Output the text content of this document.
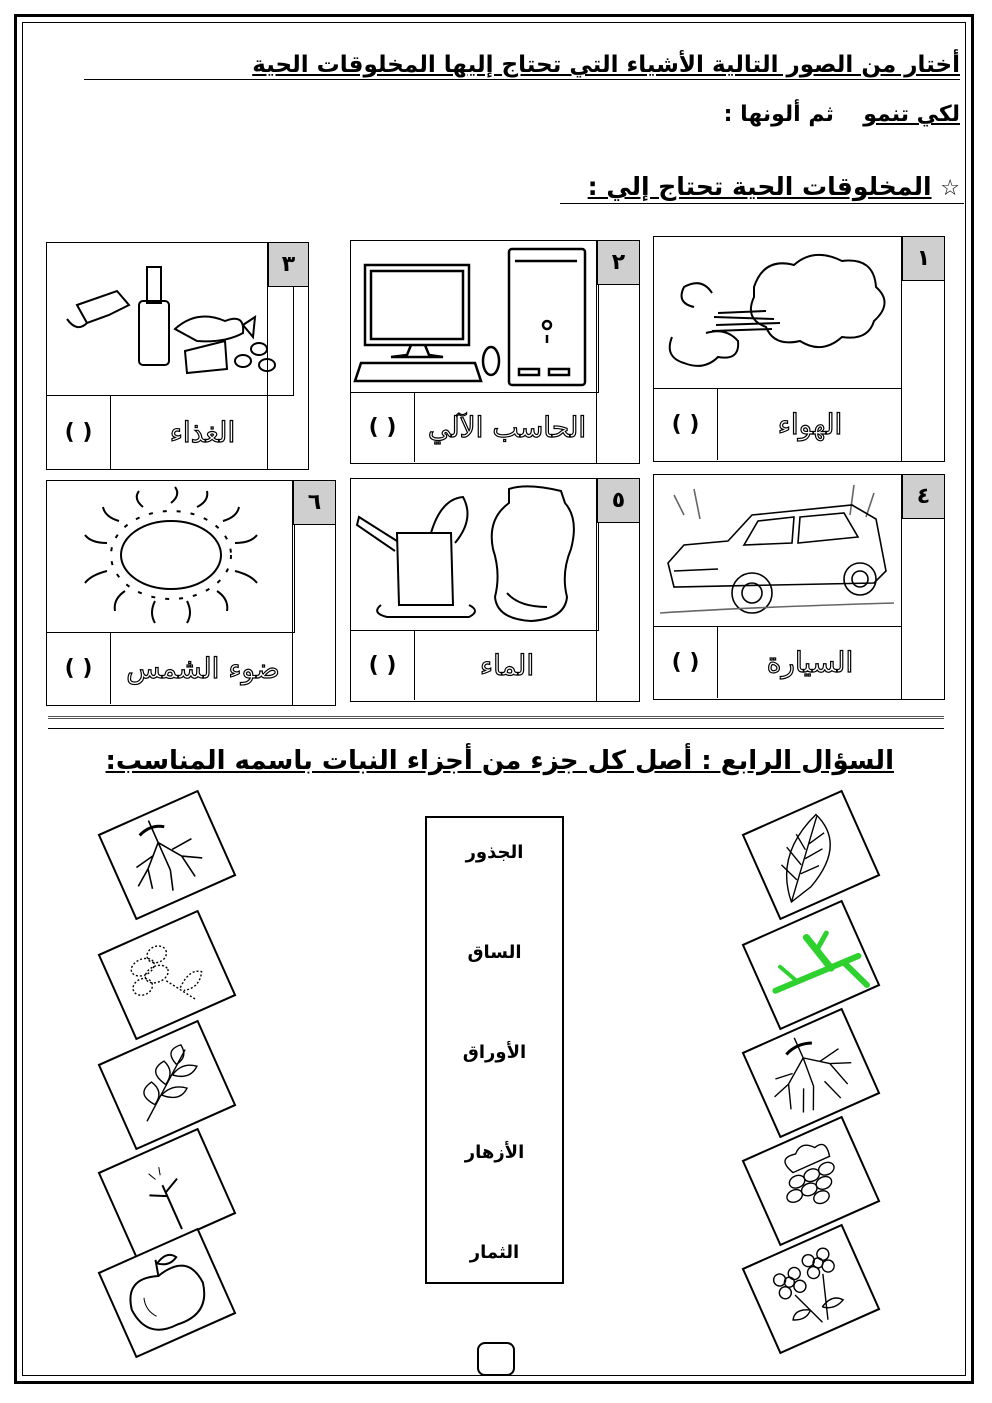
أختار من الصور التالية الأشياء التي تحتاج إليها المخلوقات الحية
لكي تنمو  ثم ألونها :
☆ المخلوقات الحية تحتاج إلي :
٣
( )	الغذاء
٢
( )	الحاسب الآلي
١
( )	الهواء
٦
( )	ضوء الشمس
٥
( )	الماء
٤
( )	السيارة
السؤال الرابع : أصل كل جزء من أجزاء النبات باسمه المناسب:
الجذور
الساق
الأوراق
الأزهار
الثمار
